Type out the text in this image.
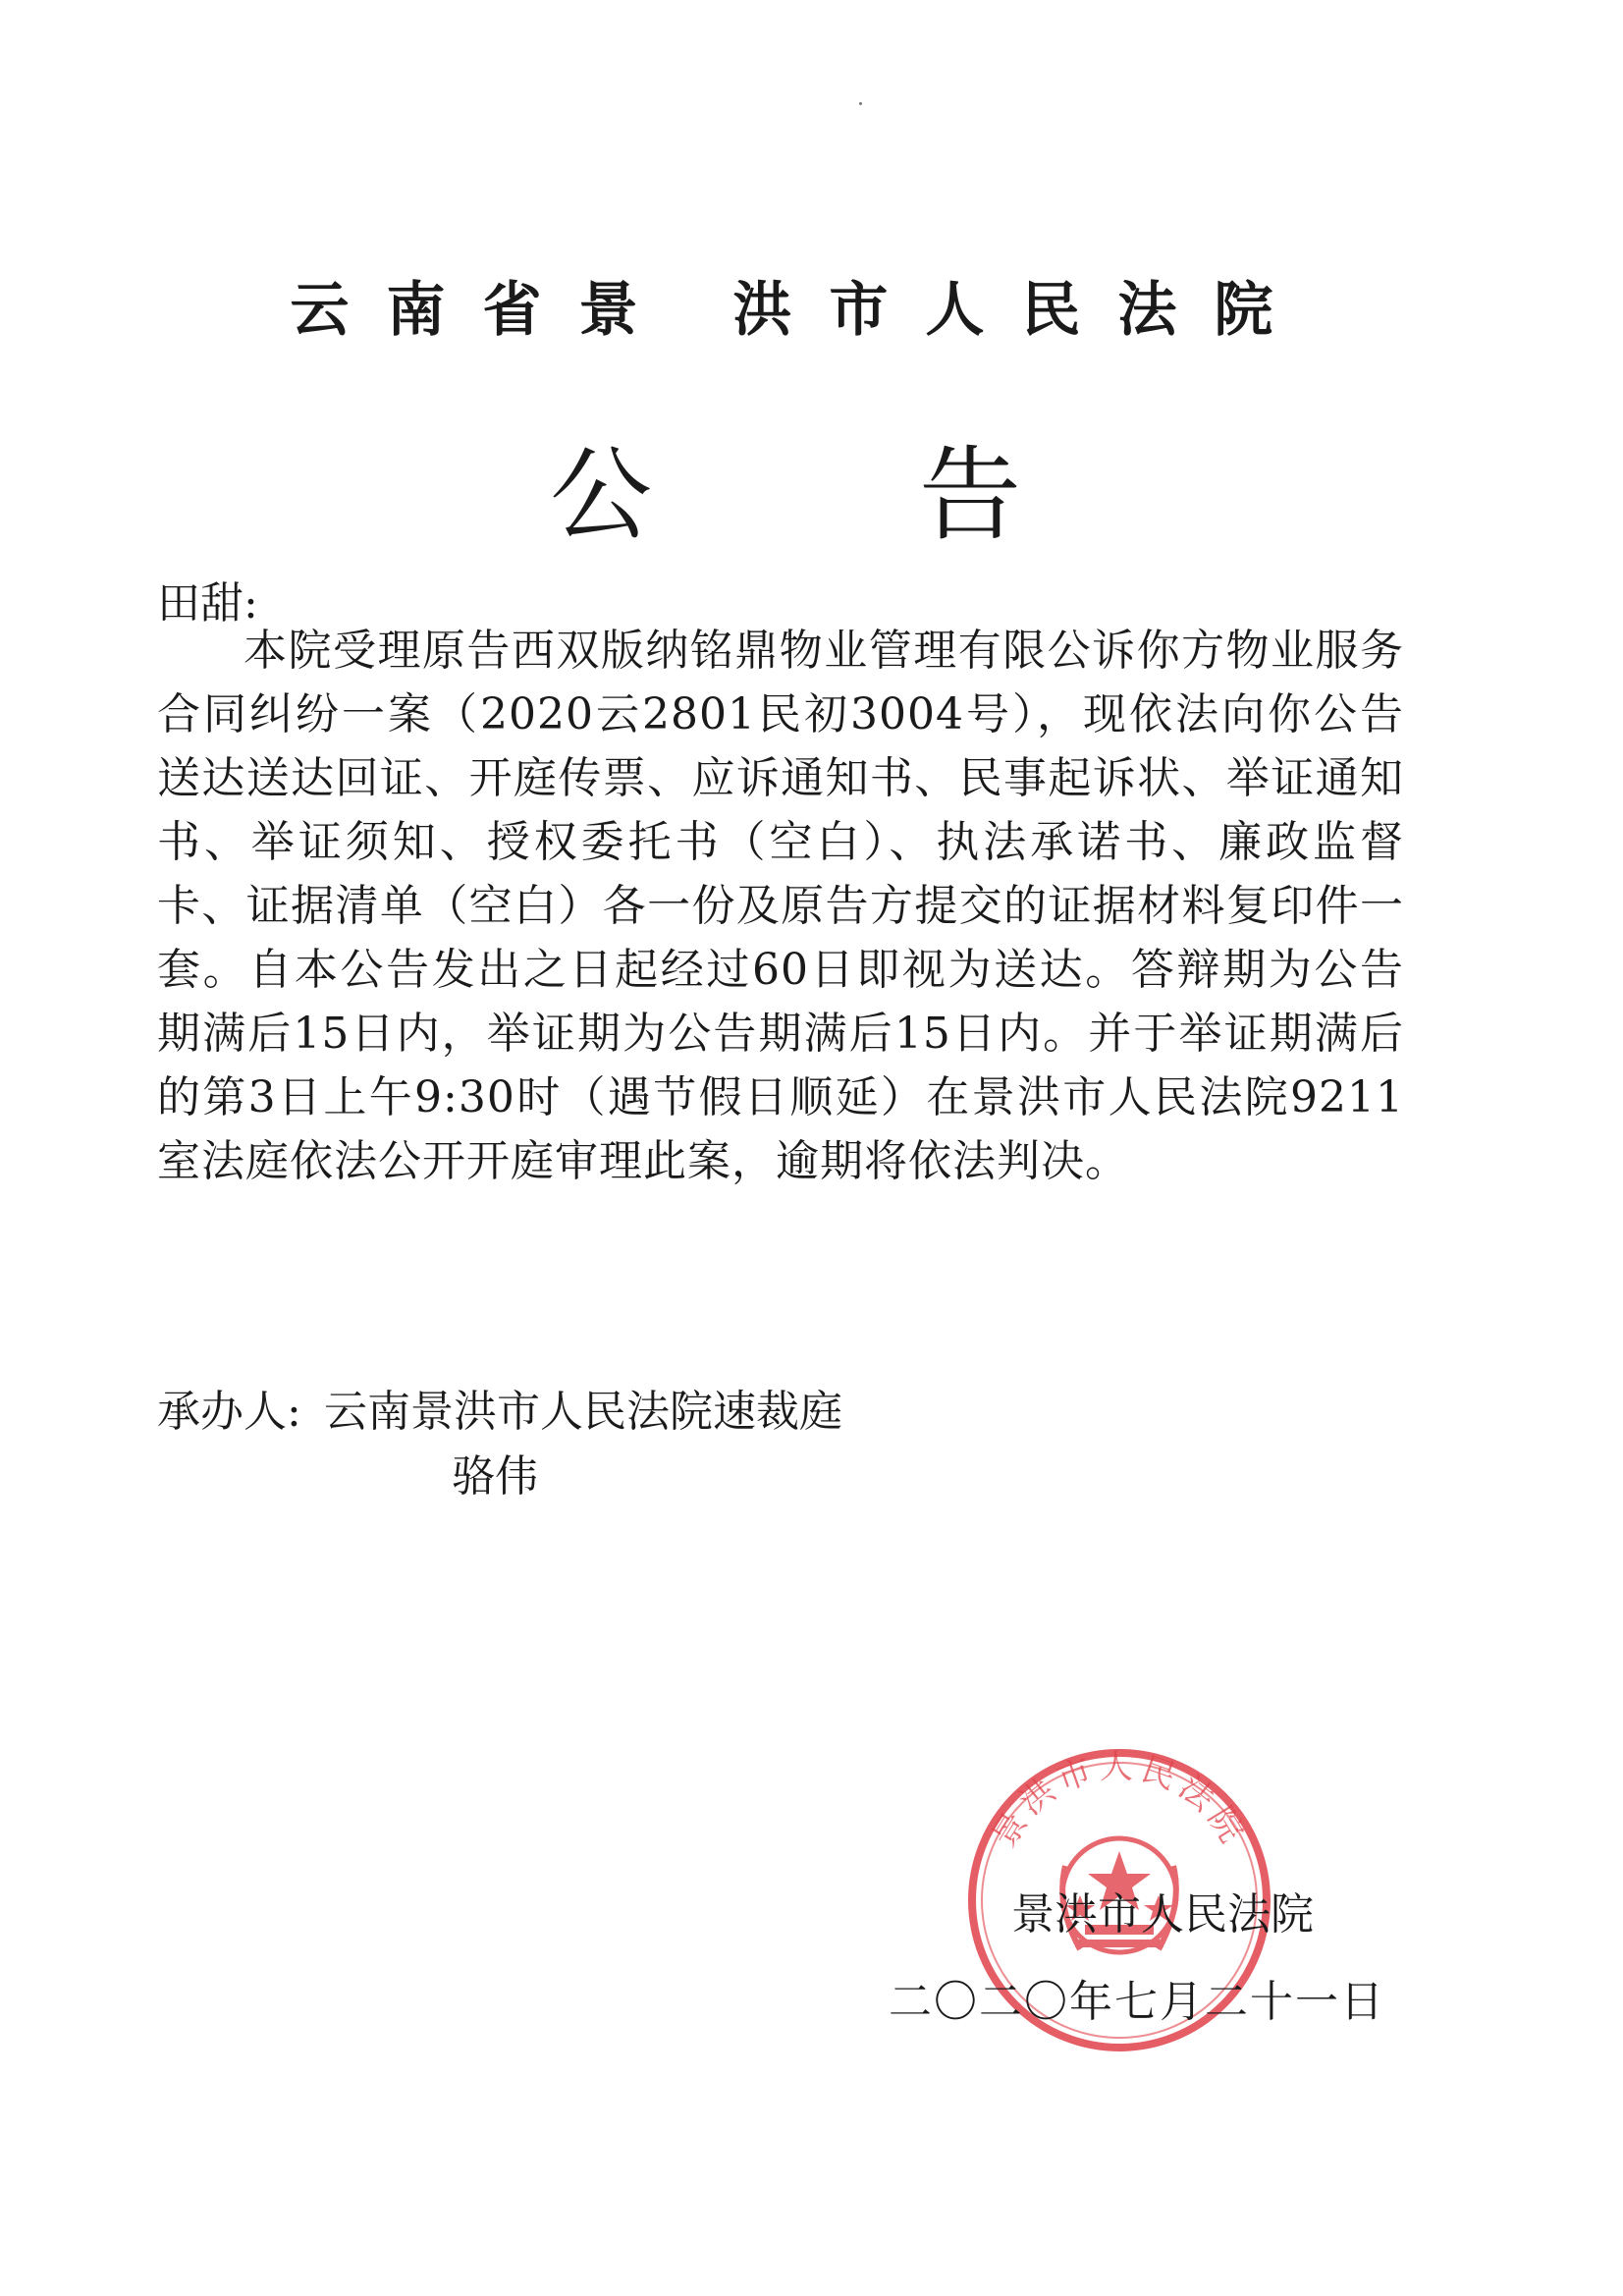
云南省景 洪市人民法院
公	告
田甜:
本院受理原告西双版纳铭鼎物业管理有限公诉你方物业服务合同纠纷一案（2020云2801民初3004号），现依法向你公告送达送达回证、开庭传票、应诉通知书、民事起诉状、举证通知书、举证须知、授权委托书（空白）、执法承诺书、廉政监督卡、证据清单（空白）各一份及原告方提交的证据材料复印件一套。自本公告发出之日起经过60日即视为送达。答辩期为公告期满后15日内，举证期为公告期满后15日内。并于举证期满后的第3日上午9:30时（遇节假日顺延）在景洪市人民法院9211室法庭依法公开开庭审理此案，逾期将依法判决。
承办人: 云南景洪市人民法院速裁庭
骆伟
景洪市人民法院
景洪市人民法院
二〇二〇年七月二十一日
